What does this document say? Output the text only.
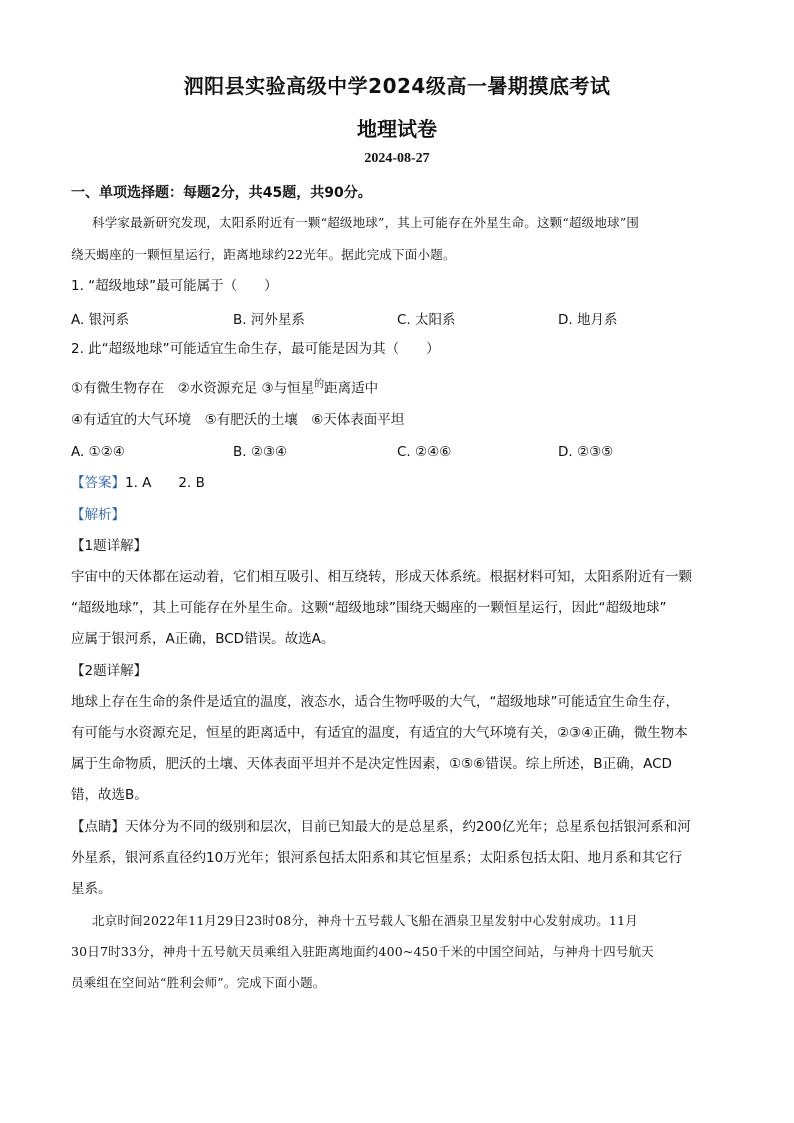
泗阳县实验高级中学2024级高一暑期摸底考试
地理试卷
2024-08-27
一、单项选择题：每题2分，共45题，共90分。
科学家最新研究发现，太阳系附近有一颗“超级地球”，其上可能存在外星生命。这颗“超级地球”围
绕天蝎座的一颗恒星运行，距离地球约22光年。据此完成下面小题。
1. “超级地球”最可能属于（　　）
A. 银河系	B. 河外星系	C. 太阳系	D. 地月系
2. 此“超级地球”可能适宜生命生存，最可能是因为其（　　）
①有微生物存在　②水资源充足 ③与恒星$^的$距离适中
④有适宜的大气环境　⑤有肥沃的土壤　⑥天体表面平坦
A. ①②④	B. ②③④	C. ②④⑥	D. ②③⑤
【答案】1. A　　2. B
【解析】
【1题详解】
宇宙中的天体都在运动着，它们相互吸引、相互绕转，形成天体系统。根据材料可知，太阳系附近有一颗
“超级地球”，其上可能存在外星生命。这颗“超级地球”围绕天蝎座的一颗恒星运行，因此“超级地球”
应属于银河系，A正确，BCD错误。故选A。
【2题详解】
地球上存在生命的条件是适宜的温度，液态水，适合生物呼吸的大气，“超级地球”可能适宜生命生存，
有可能与水资源充足，恒星的距离适中，有适宜的温度，有适宜的大气环境有关，②③④正确，微生物本
属于生命物质，肥沃的土壤、天体表面平坦并不是决定性因素，①⑤⑥错误。综上所述，B正确，ACD
错，故选B。
【点睛】天体分为不同的级别和层次，目前已知最大的是总星系，约200亿光年；总星系包括银河系和河
外星系，银河系直径约10万光年；银河系包括太阳系和其它恒星系；太阳系包括太阳、地月系和其它行
星系。
北京时间2022年11月29日23时08分，神舟十五号载人飞船在酒泉卫星发射中心发射成功。11月
30日7时33分，神舟十五号航天员乘组入驻距离地面约400~450千米的中国空间站，与神舟十四号航天
员乘组在空间站“胜利会师”。完成下面小题。
